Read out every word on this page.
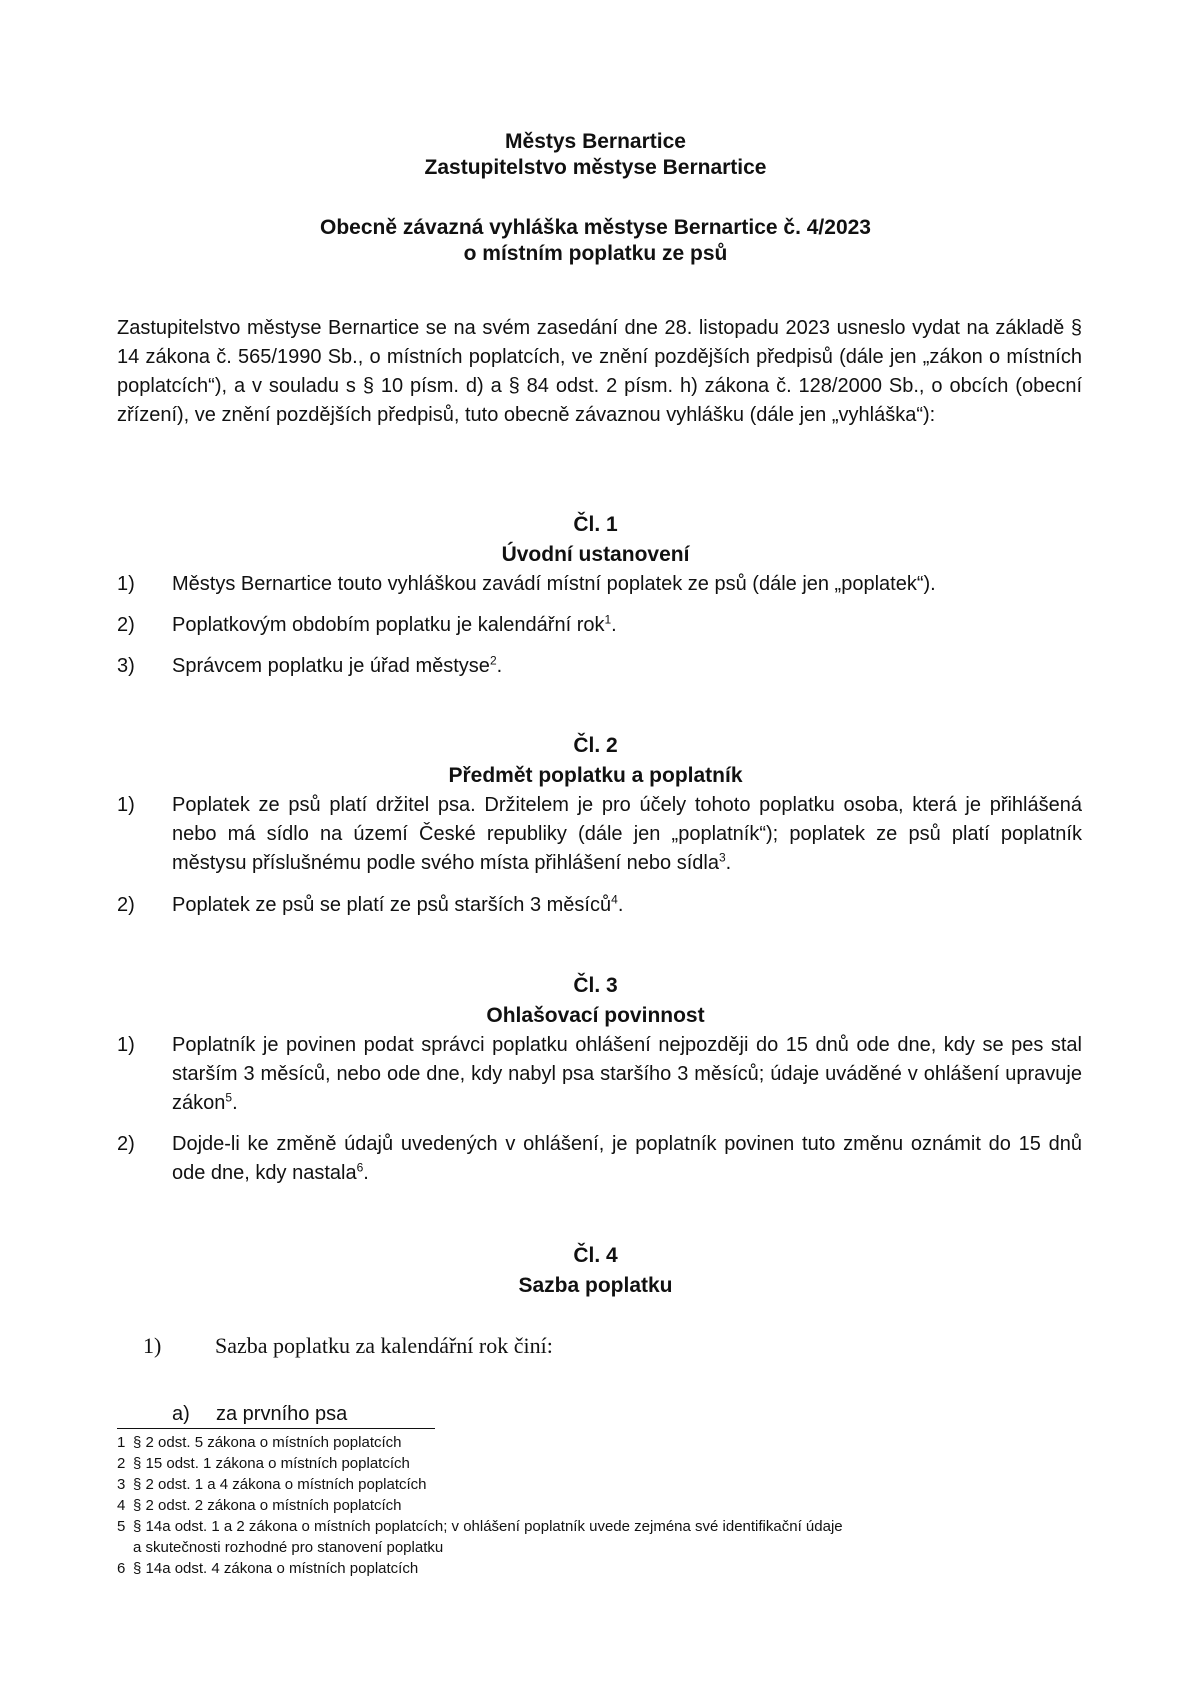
Městys Bernartice
Zastupitelstvo městyse Bernartice
Obecně závazná vyhláška městyse Bernartice č. 4/2023
o místním poplatku ze psů
Zastupitelstvo městyse Bernartice se na svém zasedání dne 28. listopadu 2023 usneslo vydat na základě § 14 zákona č. 565/1990 Sb., o místních poplatcích, ve znění pozdějších předpisů (dále jen „zákon o místních poplatcích“), a v souladu s § 10 písm. d) a § 84 odst. 2 písm. h) zákona č. 128/2000 Sb., o obcích (obecní zřízení), ve znění pozdějších předpisů, tuto obecně závaznou vyhlášku (dále jen „vyhláška“):
Čl. 1
Úvodní ustanovení
1)	Městys Bernartice touto vyhláškou zavádí místní poplatek ze psů (dále jen „poplatek“).
2)	Poplatkovým obdobím poplatku je kalendářní rok$^1$.
3)	Správcem poplatku je úřad městyse$^2$.
Čl. 2
Předmět poplatku a poplatník
1)	Poplatek ze psů platí držitel psa. Držitelem je pro účely tohoto poplatku osoba, která je přihlášená nebo má sídlo na území České republiky (dále jen „poplatník“); poplatek ze psů platí poplatník městysu příslušnému podle svého místa přihlášení nebo sídla$^3$.
2)	Poplatek ze psů se platí ze psů starších 3 měsíců$^4$.
Čl. 3
Ohlašovací povinnost
1)	Poplatník je povinen podat správci poplatku ohlášení nejpozději do 15 dnů ode dne, kdy se pes stal starším 3 měsíců, nebo ode dne, kdy nabyl psa staršího 3 měsíců; údaje uváděné v ohlášení upravuje zákon$^5$.
2)	Dojde-li ke změně údajů uvedených v ohlášení, je poplatník povinen tuto změnu oznámit do 15 dnů ode dne, kdy nastala$^6$.
Čl. 4
Sazba poplatku
1) Sazba poplatku za kalendářní rok činí:
a) za prvního psa
1 § 2 odst. 5 zákona o místních poplatcích
2 § 15 odst. 1 zákona o místních poplatcích
3 § 2 odst. 1 a 4 zákona o místních poplatcích
4 § 2 odst. 2 zákona o místních poplatcích
5 § 14a odst. 1 a 2 zákona o místních poplatcích; v ohlášení poplatník uvede zejména své identifikační údaje
a skutečnosti rozhodné pro stanovení poplatku
6 § 14a odst. 4 zákona o místních poplatcích
